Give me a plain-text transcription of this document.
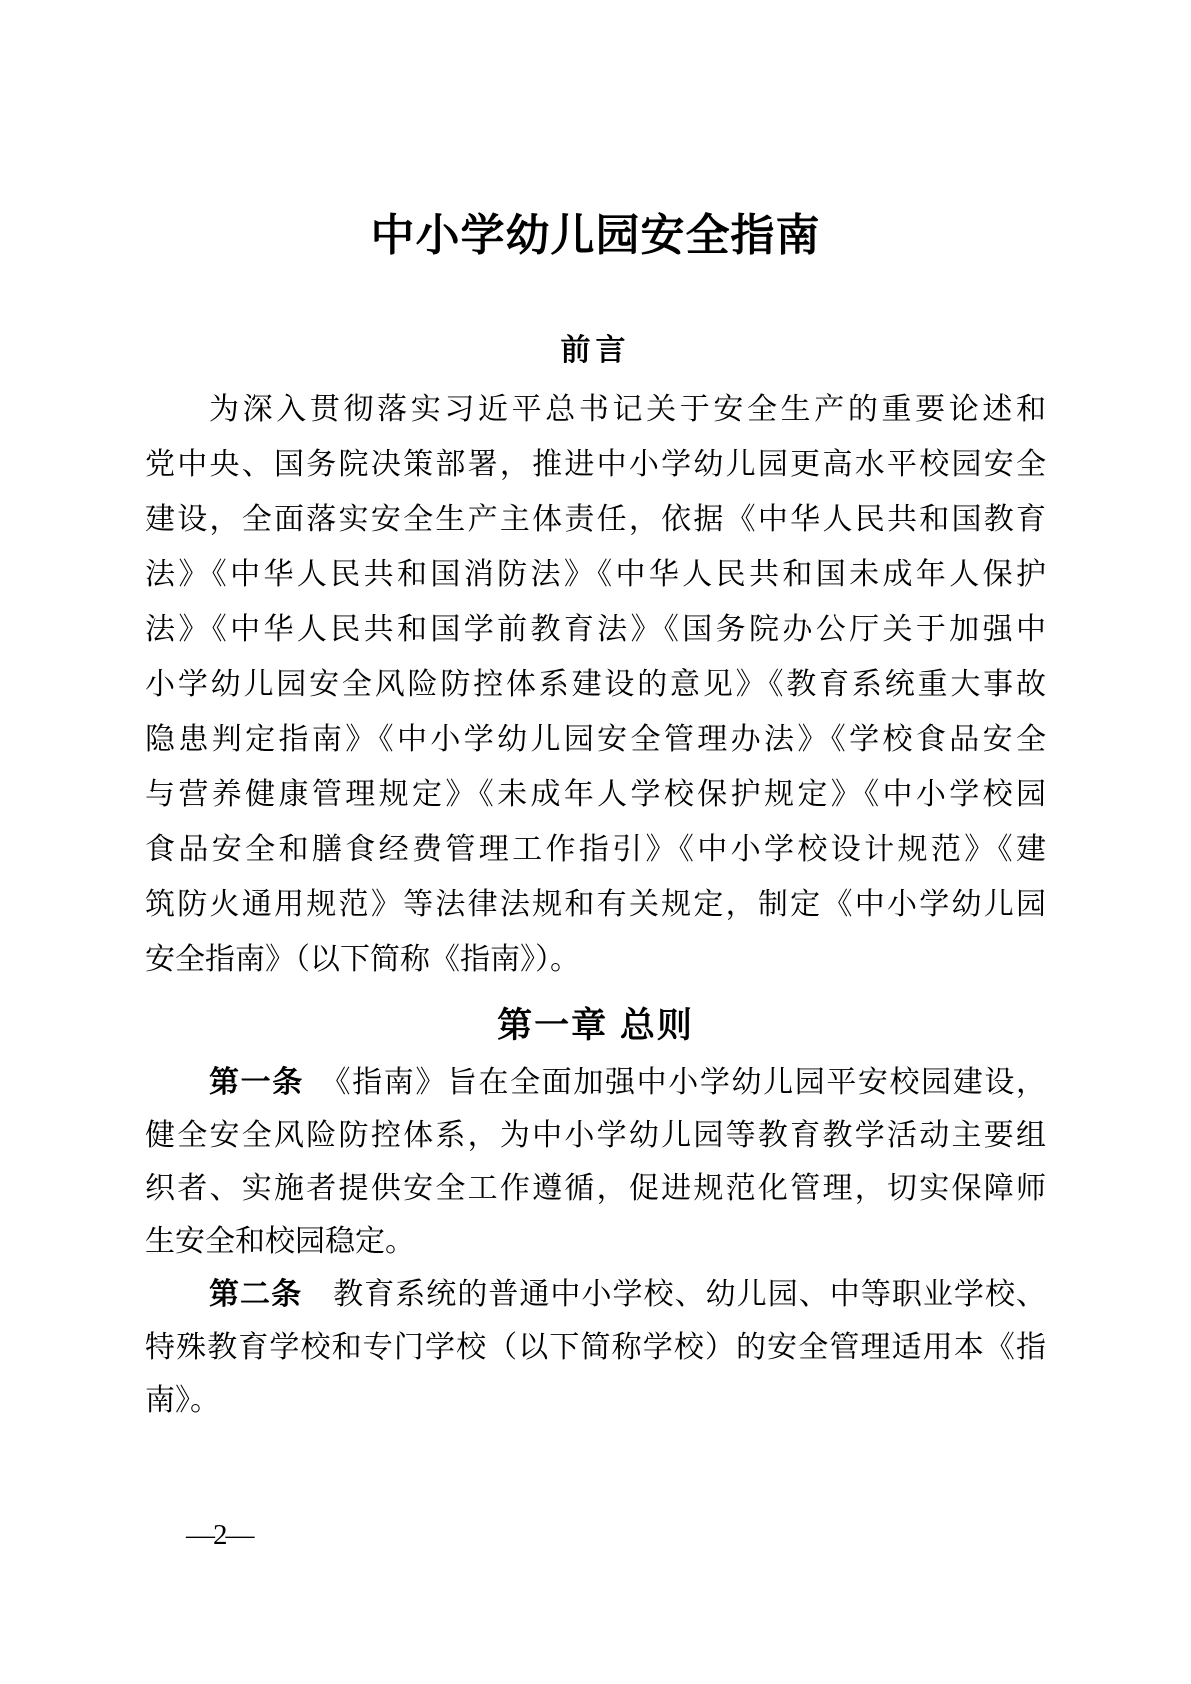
中小学幼儿园安全指南
前言
为深入贯彻落实习近平总书记关于安全生产的重要论述和
党中央、国务院决策部署，推进中小学幼儿园更高水平校园安全
建设，全面落实安全生产主体责任，依据《中华人民共和国教育
法》《中华人民共和国消防法》《中华人民共和国未成年人保护
法》《中华人民共和国学前教育法》《国务院办公厅关于加强中
小学幼儿园安全风险防控体系建设的意见》《教育系统重大事故
隐患判定指南》《中小学幼儿园安全管理办法》《学校食品安全
与营养健康管理规定》《未成年人学校保护规定》《中小学校园
食品安全和膳食经费管理工作指引》《中小学校设计规范》《建
筑防火通用规范》等法律法规和有关规定，制定《中小学幼儿园
安全指南》（以下简称《指南》）。
第一章 总则
第一条　《指南》旨在全面加强中小学幼儿园平安校园建设，
健全安全风险防控体系，为中小学幼儿园等教育教学活动主要组
织者、实施者提供安全工作遵循，促进规范化管理，切实保障师
生安全和校园稳定。
第二条　教育系统的普通中小学校、幼儿园、中等职业学校、
特殊教育学校和专门学校（以下简称学校）的安全管理适用本《指
南》。
—2—
